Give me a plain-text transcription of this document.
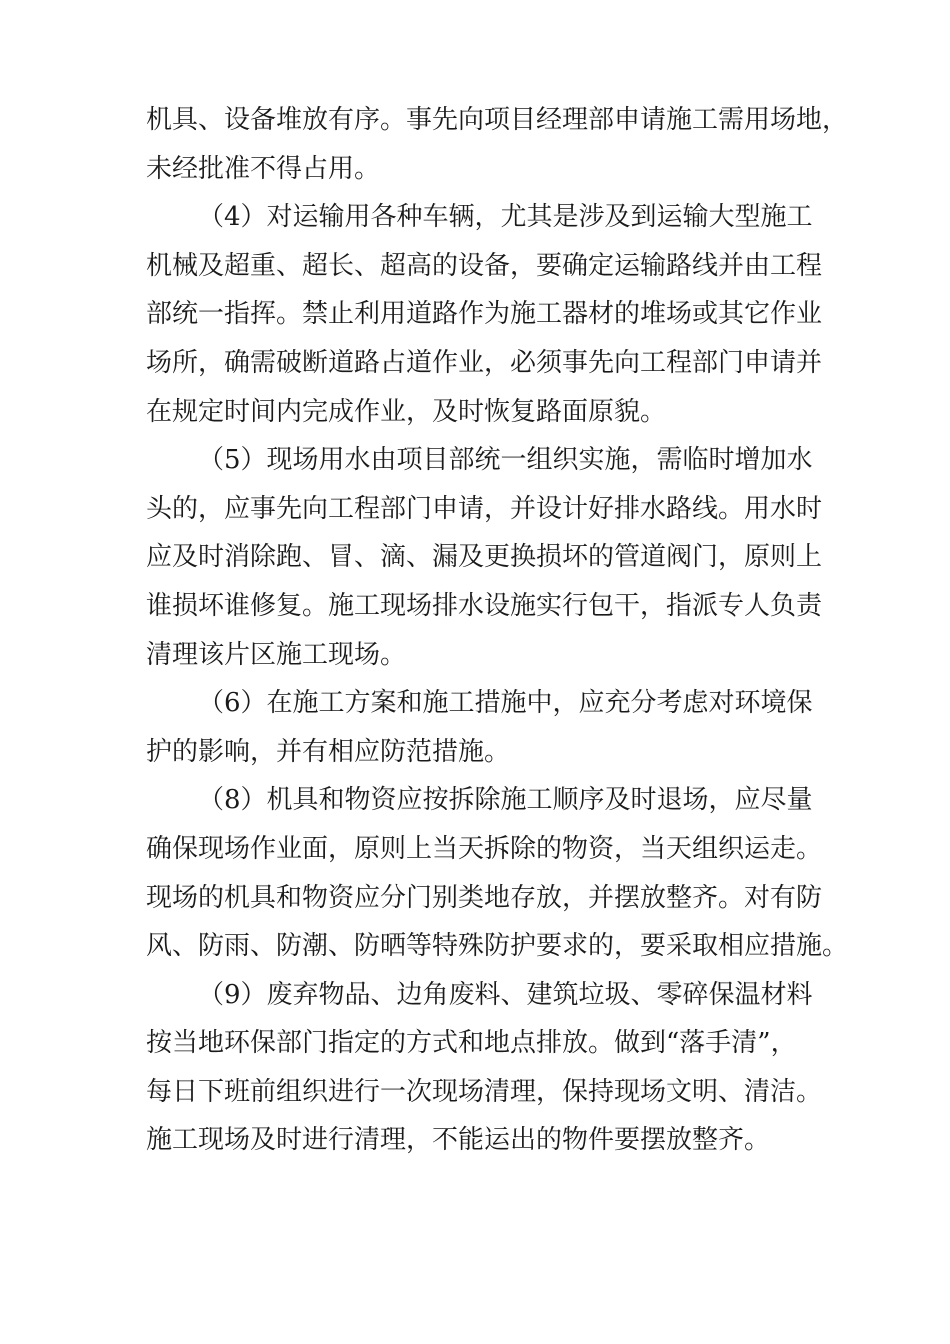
机具、设备堆放有序。事先向项目经理部申请施工需用场地，
未经批准不得占用。

（4）对运输用各种车辆，尤其是涉及到运输大型施工
机械及超重、超长、超高的设备，要确定运输路线并由工程
部统一指挥。禁止利用道路作为施工器材的堆场或其它作业
场所，确需破断道路占道作业，必须事先向工程部门申请并
在规定时间内完成作业，及时恢复路面原貌。

（5）现场用水由项目部统一组织实施，需临时增加水
头的，应事先向工程部门申请，并设计好排水路线。用水时
应及时消除跑、冒、滴、漏及更换损坏的管道阀门，原则上
谁损坏谁修复。施工现场排水设施实行包干，指派专人负责
清理该片区施工现场。

（6）在施工方案和施工措施中，应充分考虑对环境保
护的影响，并有相应防范措施。

（8）机具和物资应按拆除施工顺序及时退场，应尽量
确保现场作业面，原则上当天拆除的物资，当天组织运走。
现场的机具和物资应分门别类地存放，并摆放整齐。对有防
风、防雨、防潮、防晒等特殊防护要求的，要采取相应措施。

（9）废弃物品、边角废料、建筑垃圾、零碎保温材料
按当地环保部门指定的方式和地点排放。做到“落手清”，
每日下班前组织进行一次现场清理，保持现场文明、清洁。
施工现场及时进行清理，不能运出的物件要摆放整齐。
